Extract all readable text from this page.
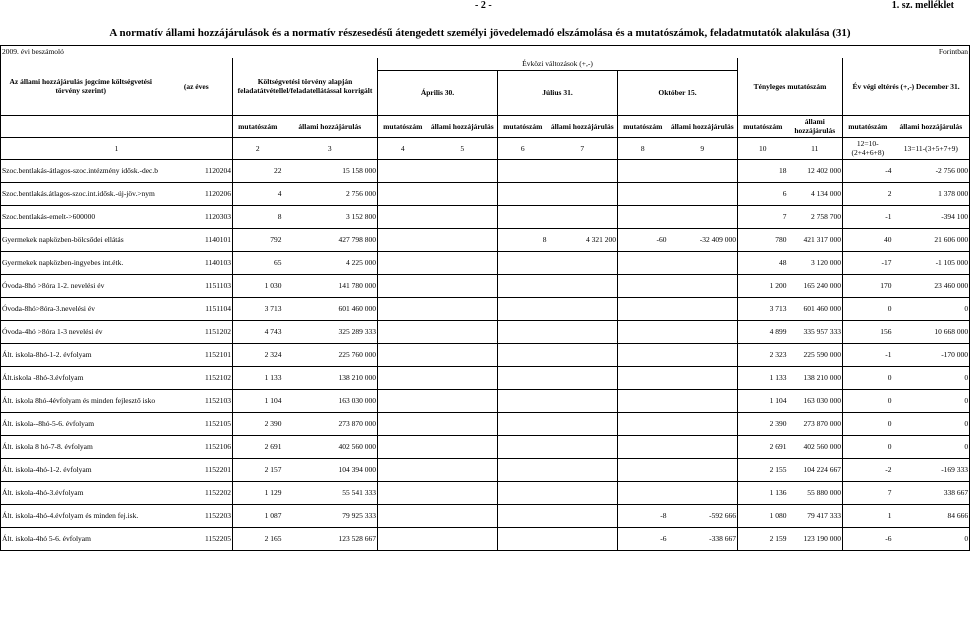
- 2 -	1. sz. melléklet
A normatív állami hozzájárulások és a normatív részesedésű átengedett személyi jövedelemadó elszámolása és a mutatószámok, feladatmutatók alakulása (31)
2009. évi beszámoló												Forintban	
Az állami hozzájárulás jogcíme költségvetési törvény szerint)	(az éves	Költségvetési törvény alapján feladatátvétellel/feladatellátással korrigált		Évközi változások (+,-)
Április 30. Július 31. Október 15.						Tényleges mutatószám		Év végi eltérés (+,-) December 31.	
		mutatószám	állami hozzájárulás	mutatószám	állami hozzájárulás	mutatószám	állami hozzájárulás	mutatószám	állami hozzájárulás	mutatószám	állami hozzájárulás	mutatószám	állami hozzájárulás
1		2	3	4	5	6	7	8	9	10	11	12=10-(2+4+6+8)	13=11-(3+5+7+9)
Szoc.bentlakás-átlagos-szoc.intézmény idősk.-dec.b	1120204	22	15 158 000							18	12 402 000	-4	-2 756 000
Szoc.bentlakás.átlagos-szoc.int.idősk.-új-jöv.>nym	1120206	4	2 756 000							6	4 134 000	2	1 378 000
Szoc.bentlakás-emelt->600000	1120303	8	3 152 800							7	2 758 700	-1	-394 100
Gyermekek napközben-bölcsődei ellátás	1140101	792	427 798 800			8	4 321 200	-60	-32 409 000	780	421 317 000	40	21 606 000
Gyermekek napközben-ingyebes int.étk.	1140103	65	4 225 000							48	3 120 000	-17	-1 105 000
Óvoda-8hó >8óra 1-2. nevelési év	1151103	1 030	141 780 000							1 200	165 240 000	170	23 460 000
Óvoda-8hó>8óra-3.nevelési év	1151104	3 713	601 460 000							3 713	601 460 000	0	0
Óvoda-4hó >8óra 1-3 nevelési év	1151202	4 743	325 289 333							4 899	335 957 333	156	10 668 000
Ált. iskola-8hó-1-2. évfolyam	1152101	2 324	225 760 000							2 323	225 590 000	-1	-170 000
Ált.iskola -8hó-3.évfolyam	1152102	1 133	138 210 000							1 133	138 210 000	0	0
Ált. iskola 8hó-4évfolyam és minden fejlesztő isko	1152103	1 104	163 030 000							1 104	163 030 000	0	0
Ált. iskola--8hó-5-6. évfolyam	1152105	2 390	273 870 000							2 390	273 870 000	0	0
Ált. iskola 8 hó-7-8. évfolyam	1152106	2 691	402 560 000							2 691	402 560 000	0	0
Ált. iskola-4hó-1-2. évfolyam	1152201	2 157	104 394 000							2 155	104 224 667	-2	-169 333
Ált. iskola-4hó-3.évfolyam	1152202	1 129	55 541 333							1 136	55 880 000	7	338 667
Ált. iskola-4hó-4.évfolyam és minden fej.isk.	1152203	1 087	79 925 333					-8	-592 666	1 080	79 417 333	1	84 666
Ált. iskola-4hó 5-6. évfolyam	1152205	2 165	123 528 667					-6	-338 667	2 159	123 190 000	-6	0
